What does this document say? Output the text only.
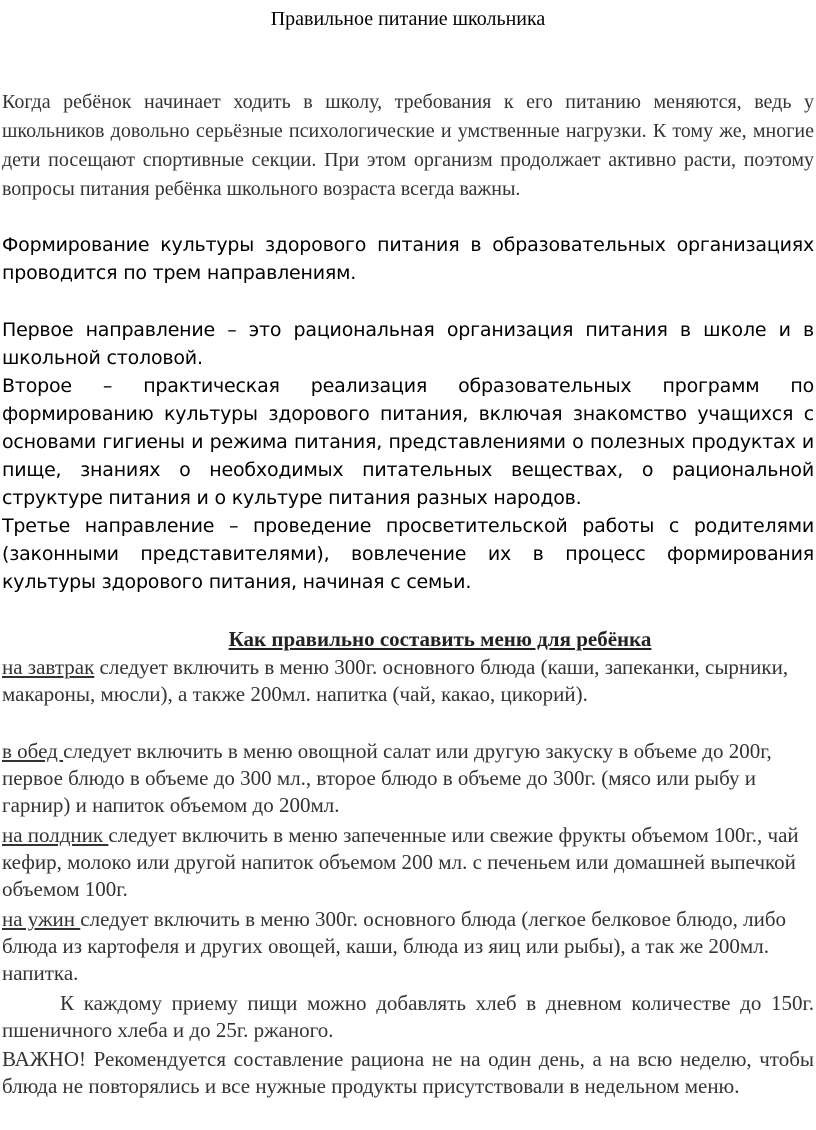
Правильное питание школьника

Когда ребёнок начинает ходить в школу, требования к его питанию меняются, ведь у школьников довольно серьёзные психологические и умственные нагрузки. К тому же, многие дети посещают спортивные секции. При этом организм продолжает активно расти, поэтому вопросы питания ребёнка школьного возраста всегда важны.

Формирование культуры здорового питания в образовательных организациях проводится по трем направлениям.

Первое направление – это рациональная организация питания в школе и в школьной столовой.

Второе – практическая реализация образовательных программ по формированию культуры здорового питания, включая знакомство учащихся с основами гигиены и режима питания, представлениями о полезных продуктах и пище, знаниях о необходимых питательных веществах, о рациональной структуре питания и о культуре питания разных народов.

Третье направление – проведение просветительской работы с родителями (законными представителями), вовлечение их в процесс формирования культуры здорового питания, начиная с семьи.

Как правильно составить меню для ребёнка

на завтрак следует включить в меню 300г. основного блюда (каши, запеканки, сырники, макароны, мюсли), а также 200мл. напитка (чай, какао, цикорий).

в обед следует включить в меню овощной салат или другую закуску в объеме до 200г, первое блюдо в объеме до 300 мл., второе блюдо в объеме до 300г. (мясо или рыбу и гарнир) и напиток объемом до 200мл.

на полдник следует включить в меню запеченные или свежие фрукты объемом 100г., чай кефир, молоко или другой напиток объемом 200 мл. с печеньем или домашней выпечкой объемом 100г.

на ужин следует включить в меню 300г. основного блюда (легкое белковое блюдо, либо блюда из картофеля и других овощей, каши, блюда из яиц или рыбы), а так же 200мл. напитка.

К каждому приему пищи можно добавлять хлеб в дневном количестве до 150г. пшеничного хлеба и до 25г. ржаного.

ВАЖНО! Рекомендуется составление рациона не на один день, а на всю неделю, чтобы блюда не повторялись и все нужные продукты присутствовали в недельном меню.
